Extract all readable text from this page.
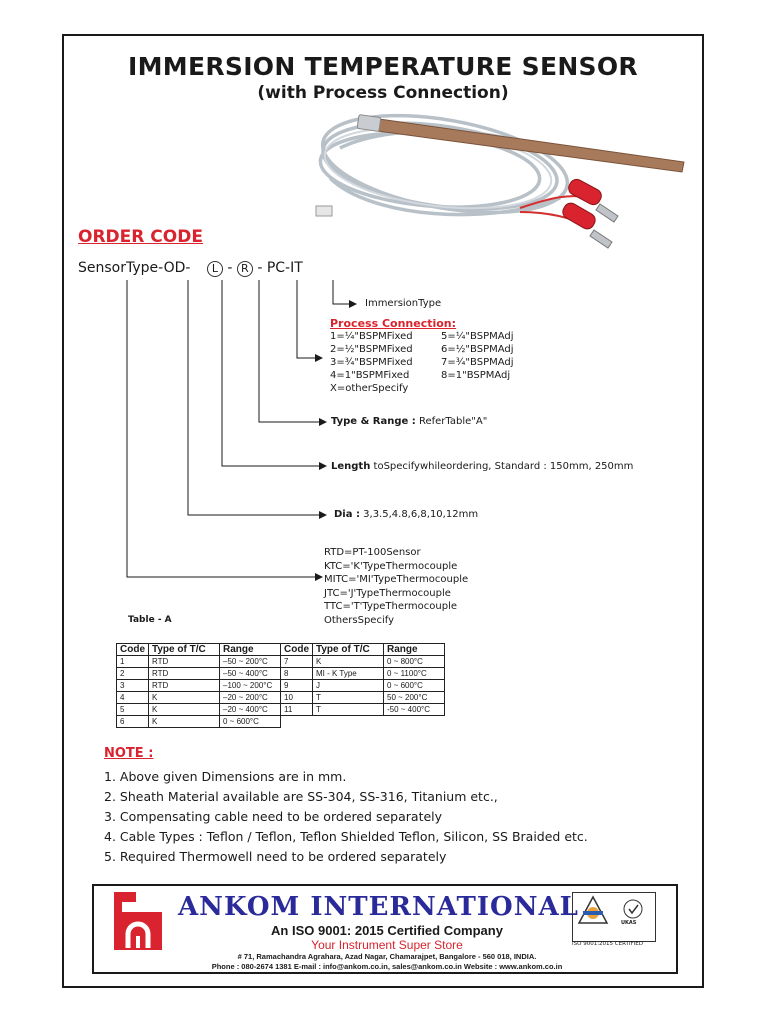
IMMERSION TEMPERATURE SENSOR
(with Process Connection)
ORDER CODE
SensorType-OD- L - R - PC-IT
ImmersionType
Process Connection:
1=¼"BSPMFixed
2=½"BSPMFixed
3=¾"BSPMFixed
4=1"BSPMFixed
X=otherSpecify
5=¼"BSPMAdj
6=½"BSPMAdj
7=¾"BSPMAdj
8=1"BSPMAdj
Type & Range : ReferTable"A"
Length toSpecifywhileordering, Standard : 150mm, 250mm
Dia : 3,3.5,4.8,6,8,10,12mm
RTD=PT-100Sensor
KTC='K'TypeThermocouple
MITC='MI'TypeThermocouple
JTC='J'TypeThermocouple
TTC='T'TypeThermocouple
OthersSpecify
Table - A
Code	Type of T/C	Range	Code	Type of T/C	Range
1	RTD	–50 ~ 200°C	7	K	0 ~ 800°C
2	RTD	–50 ~ 400°C	8	MI - K Type	0 ~ 1100°C
3	RTD	–100 ~ 200°C	9	J	0 ~ 600°C
4	K	–20 ~ 200°C	10	T	50 ~ 200°C
5	K	–20 ~ 400°C	11	T	-50 ~ 400°C
6	K	0 ~ 600°C			
NOTE :
1. Above given Dimensions are in mm.
2. Sheath Material available are SS-304, SS-316, Titanium etc.,
3. Compensating cable need to be ordered separately
4. Cable Types : Teflon / Teflon, Teflon Shielded Teflon, Silicon, SS Braided etc.
5. Required Thermowell need to be ordered separately
ANKOM INTERNATIONAL
An ISO 9001: 2015 Certified Company
Your Instrument Super Store
# 71, Ramachandra Agrahara, Azad Nagar, Chamarajpet, Bangalore - 560 018, INDIA.
Phone : 080-2674 1381 E-mail : info@ankom.co.in, sales@ankom.co.in Website : www.ankom.co.in
UKAS
ISO 9001:2015 CERTIFIED
